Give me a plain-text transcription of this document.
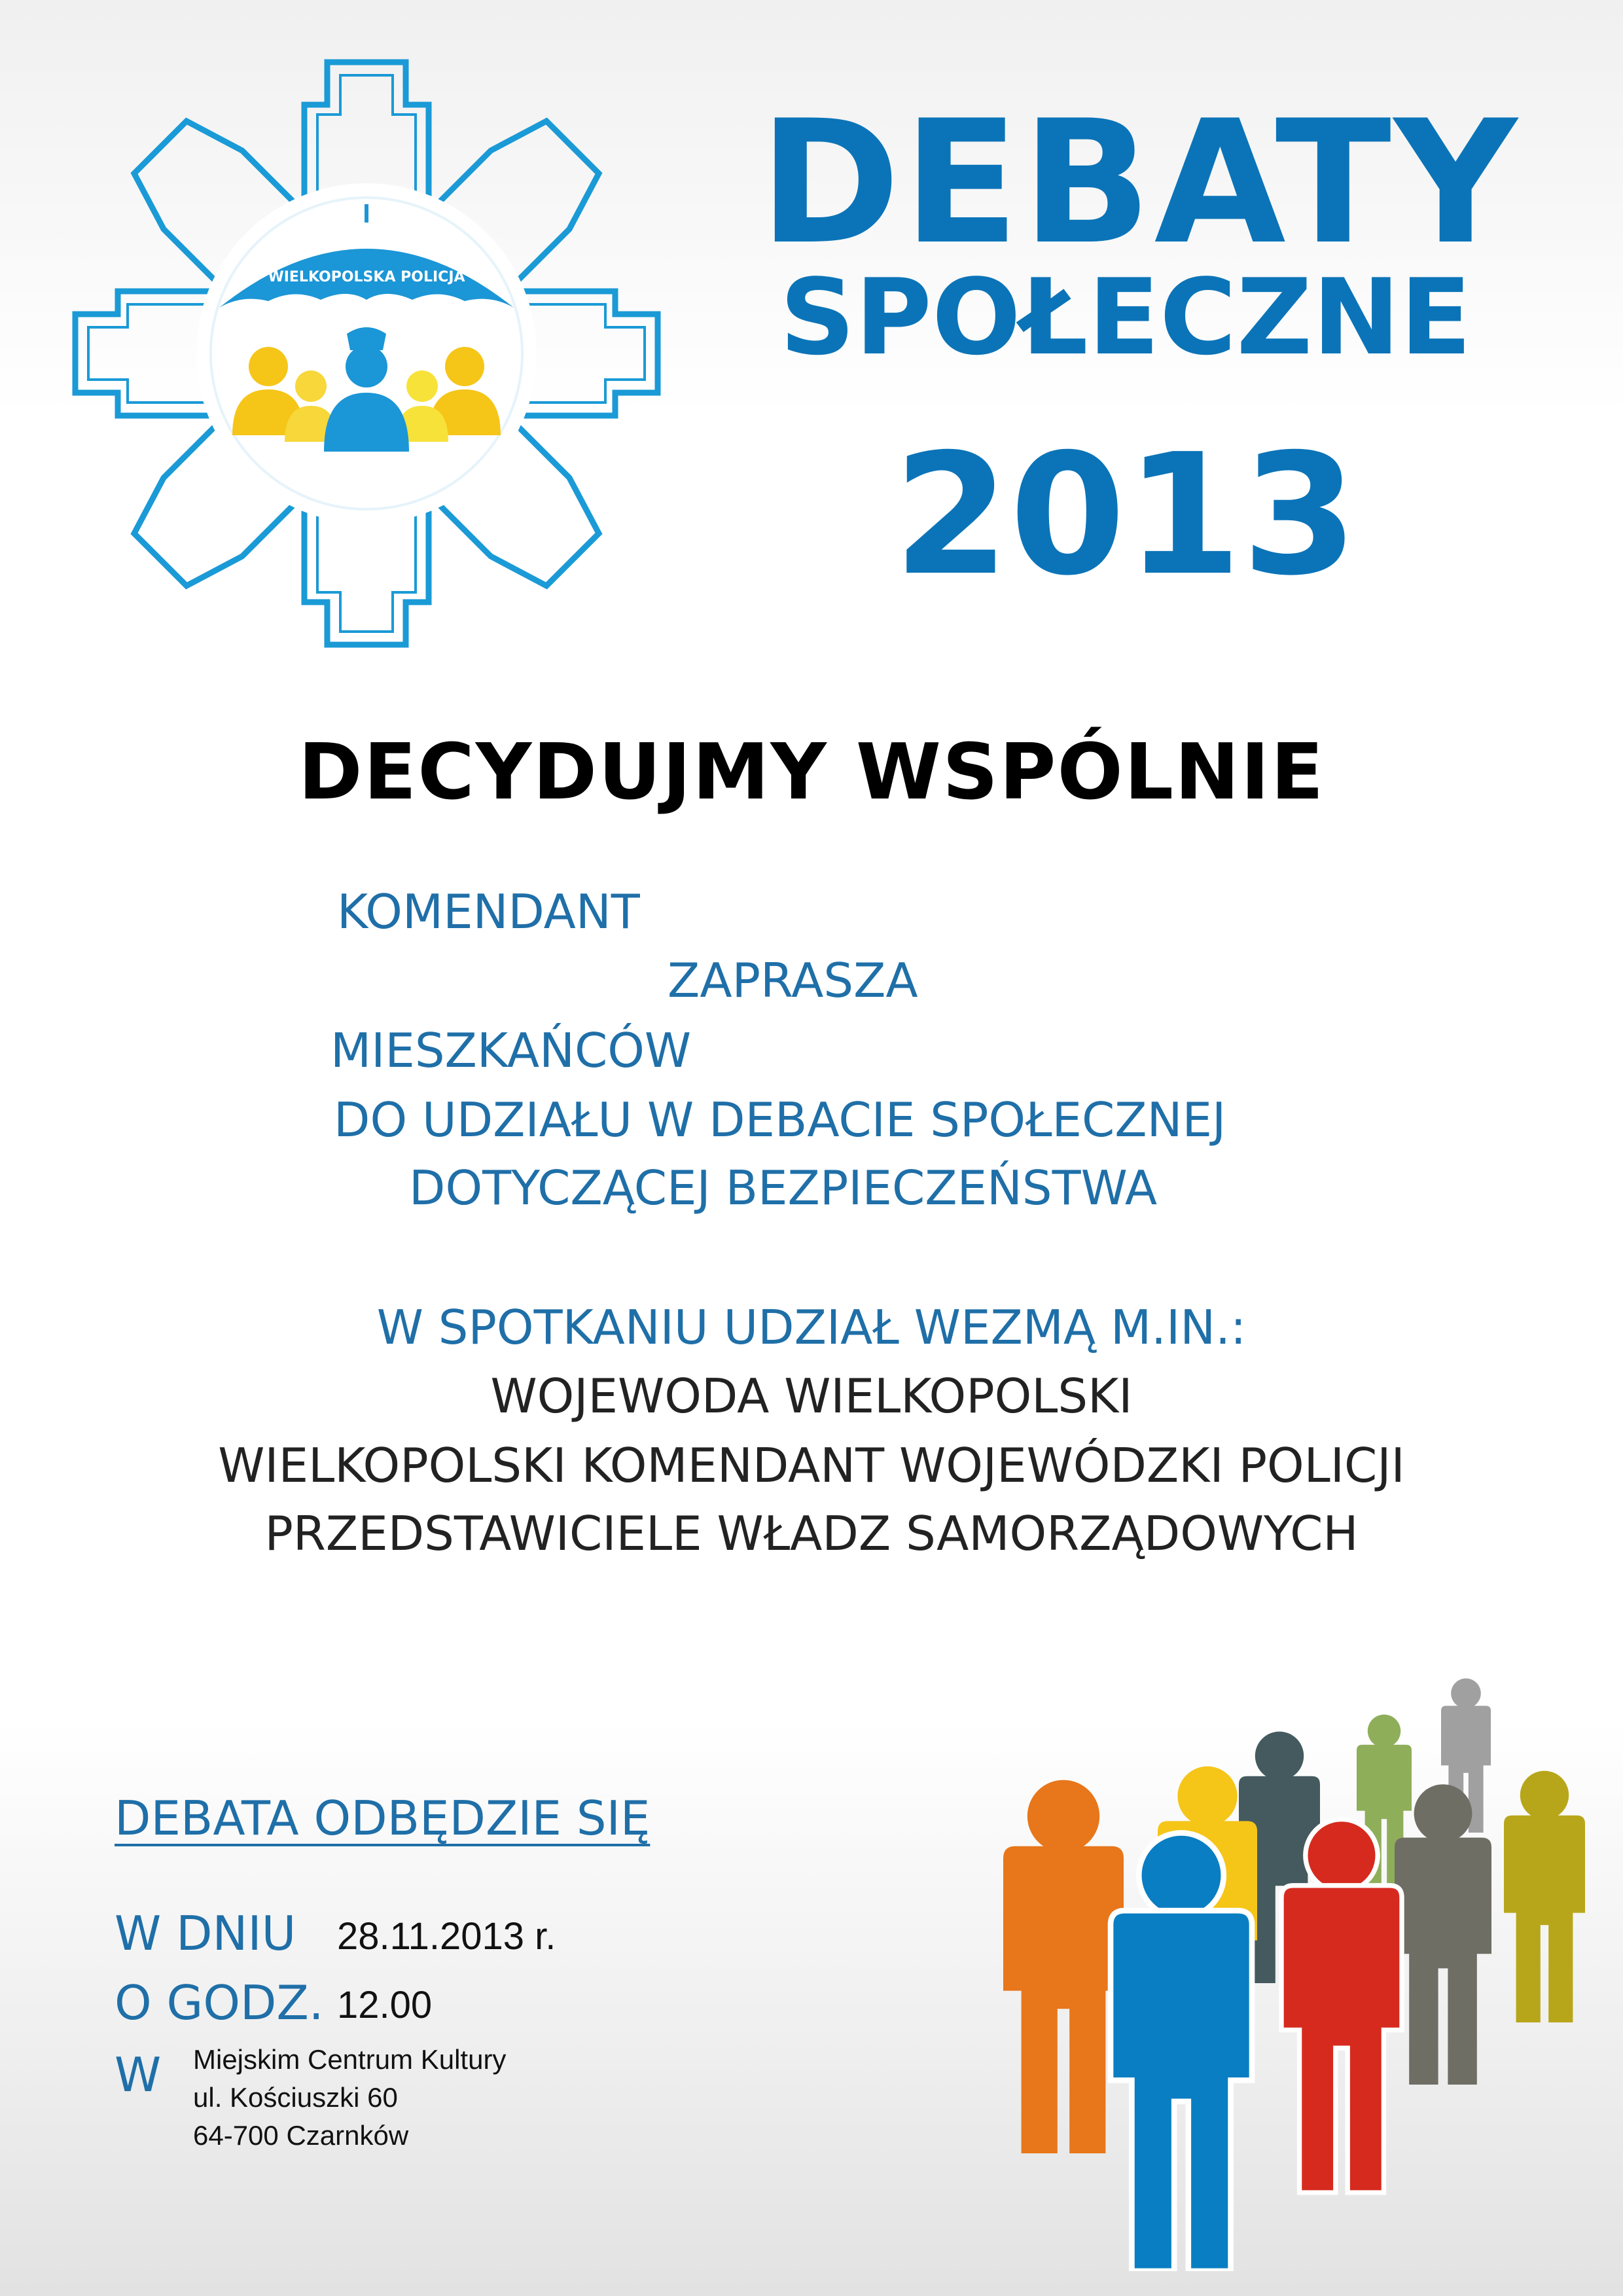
WIELKOPOLSKA POLICJA DEBATY
SPOŁECZNE
2013
DECYDUJMY WSPÓLNIE
KOMENDANT
ZAPRASZA
MIESZKAŃCÓW
DO UDZIAŁU W DEBACIE SPOŁECZNEJ
DOTYCZĄCEJ BEZPIECZEŃSTWA
W SPOTKANIU UDZIAŁ WEZMĄ M.IN.:
WOJEWODA WIELKOPOLSKI
WIELKOPOLSKI KOMENDANT WOJEWÓDZKI POLICJI
PRZEDSTAWICIELE WŁADZ SAMORZĄDOWYCH
DEBATA ODBĘDZIE SIĘ
W DNIU 28.11.2013 r.
O GODZ. 12.00
W Miejskim Centrum Kultury
ul. Kościuszki 60
64-700 Czarnków
